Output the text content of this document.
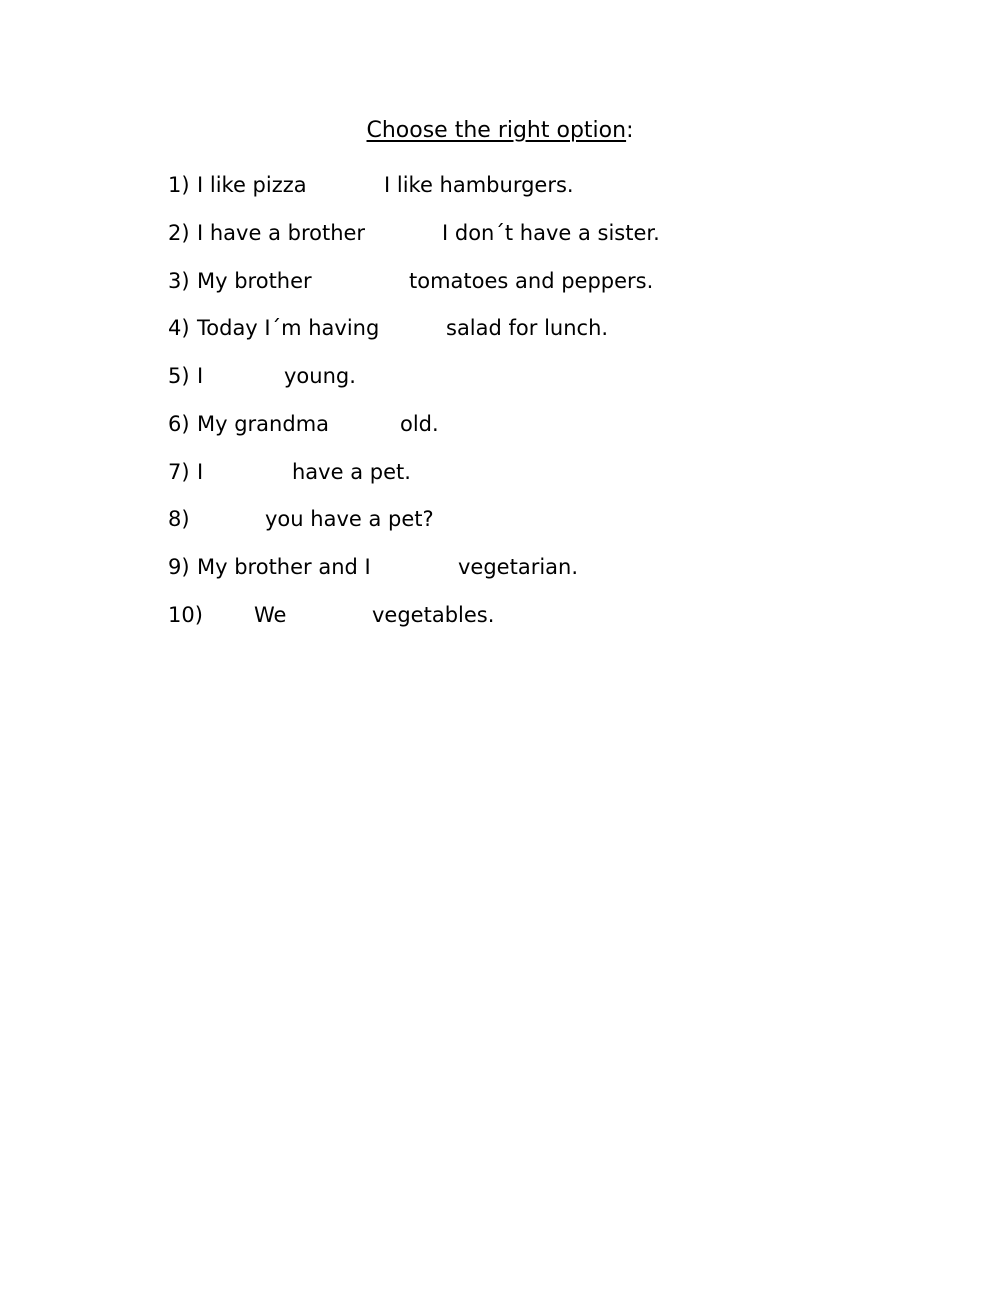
Choose the right option:
1) I like pizza	I like hamburgers.
2) I have a brother	I don´t have a sister.
3) My brother	tomatoes and peppers.
4) Today I´m having	salad for lunch.
5) I	young.
6) My grandma	old.
7) I	have a pet.
8)	you have a pet?
9) My brother and I	vegetarian.
10) We	vegetables.
